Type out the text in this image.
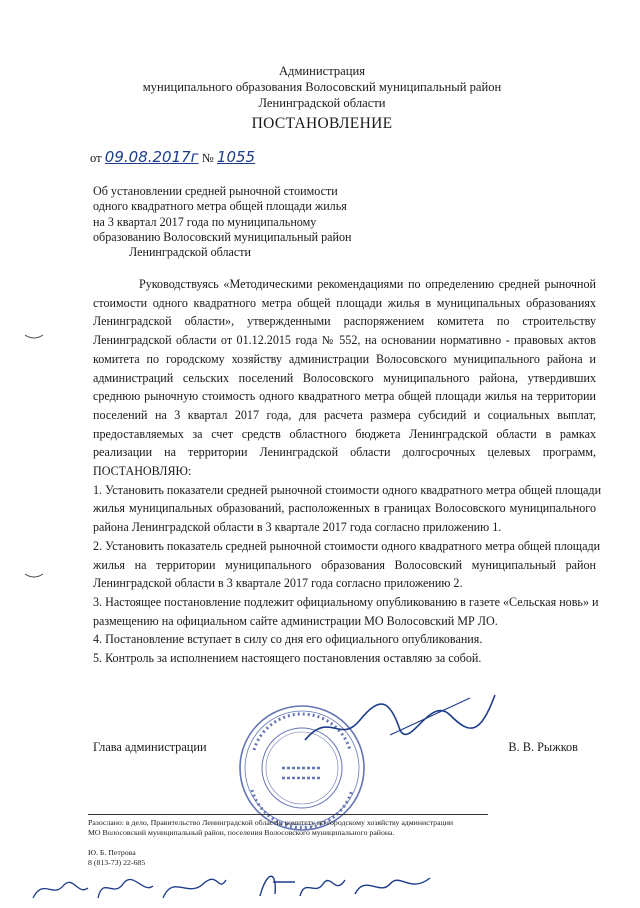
Администрация
муниципального образования Волосовский муниципальный район
Ленинградской области
ПОСТАНОВЛЕНИЕ
от 09.08.2017г № 1055
Об установлении средней рыночной стоимости
одного квадратного метра общей площади жилья
на 3 квартал 2017 года по муниципальному
образованию Волосовский муниципальный район
Ленинградской области
Руководствуясь «Методическими рекомендациями по определению средней рыночной
стоимости одного квадратного метра общей площади жилья в муниципальных образованиях
Ленинградской области», утвержденными распоряжением комитета по строительству
Ленинградской области от 01.12.2015 года № 552, на основании нормативно - правовых актов
комитета по городскому хозяйству администрации Волосовского муниципального района и
администраций сельских поселений Волосовского муниципального района, утвердивших
среднюю рыночную стоимость одного квадратного метра общей площади жилья на территории
поселений на 3 квартал 2017 года, для расчета размера субсидий и социальных выплат,
предоставляемых за счет средств областного бюджета Ленинградской области в рамках
реализации на территории Ленинградской области долгосрочных целевых программ,
ПОСТАНОВЛЯЮ:
1. Установить показатели средней рыночной стоимости одного квадратного метра общей площади
жилья муниципальных образований, расположенных в границах Волосовского муниципального
района Ленинградской области в 3 квартале 2017 года согласно приложению 1.
2. Установить показатель средней рыночной стоимости одного квадратного метра общей площади
жилья на территории муниципального образования Волосовский муниципальный район
Ленинградской области в 3 квартале 2017 года согласно приложению 2.
3. Настоящее постановление подлежит официальному опубликованию в газете «Сельская новь» и
размещению на официальном сайте администрации МО Волосовский МР ЛО.
4. Постановление вступает в силу со дня его официального опубликования.
5. Контроль за исполнением настоящего постановления оставляю за собой.
Глава администрации	В. В. Рыжков
Разослано: в дело, Правительство Ленинградской области, комитету по городскому хозяйству администрации
МО Волосовский муниципальный район, поселения Волосовского муниципального района.
Ю. Б. Петрова
8 (813-73) 22-685
